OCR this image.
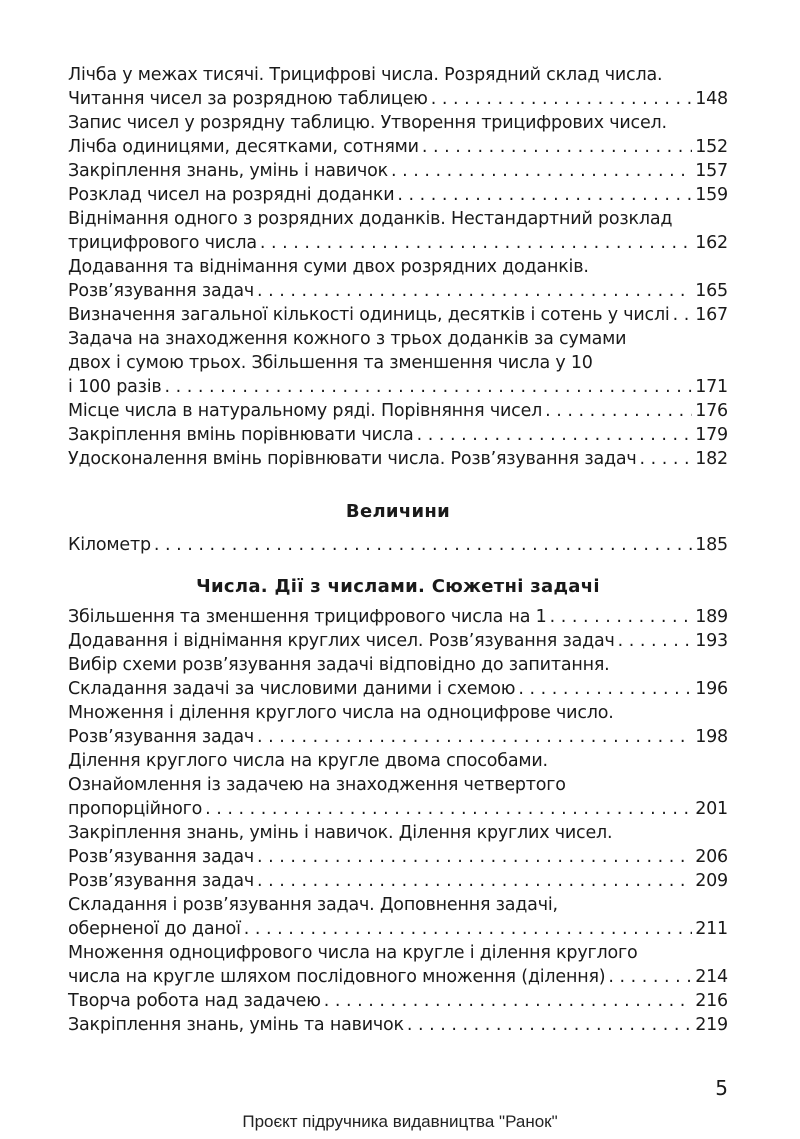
Лічба у межах тисячі. Трицифрові числа. Розрядний склад числа.
Читання чисел за розрядною таблицею . . .	148
Запис чисел у розрядну таблицю. Утворення трицифрових чисел.
Лічба одиницями, десятками, сотнями . . .	152
Закріплення знань, умінь і навичок . . .	157
Розклад чисел на розрядні доданки . . .	159
Віднімання одного з розрядних доданків. Нестандартний розклад
трицифрового числа . . .	162
Додавання та віднімання суми двох розрядних доданків.
Розв’язування задач . . .	165
Визначення загальної кількості одиниць, десятків і сотень у числі . . . 167
Задача на знаходження кожного з трьох доданків за сумами
двох і сумою трьох. Збільшення та зменшення числа у 10
і 100 разів . . .	171
Місце числа в натуральному ряді. Порівняння чисел . . .	176
Закріплення вмінь порівнювати числа . . .	179
Удосконалення вмінь порівнювати числа. Розв’язування задач . . .	182
Величини
Кілометр . . .	185
Числа. Дії з числами. Сюжетні задачі
Збільшення та зменшення трицифрового числа на 1 . . .	189
Додавання і віднімання круглих чисел. Розв’язування задач . . .	193
Вибір схеми розв’язування задачі відповідно до запитання.
Складання задачі за числовими даними і схемою . . .	196
Множення і ділення круглого числа на одноцифрове число.
Розв’язування задач . . .	198
Ділення круглого числа на кругле двома способами.
Ознайомлення із задачею на знаходження четвертого
пропорційного . . .	201
Закріплення знань, умінь і навичок. Ділення круглих чисел.
Розв’язування задач . . .	206
Розв’язування задач . . .	209
Складання і розв’язування задач. Доповнення задачі,
оберненої до даної . . .	211
Множення одноцифрового числа на кругле і ділення круглого
числа на кругле шляхом послідовного множення (ділення) . . .	214
Творча робота над задачею . . .	216
Закріплення знань, умінь та навичок . . .	219
5
Проєкт підручника видавництва "Ранок"
